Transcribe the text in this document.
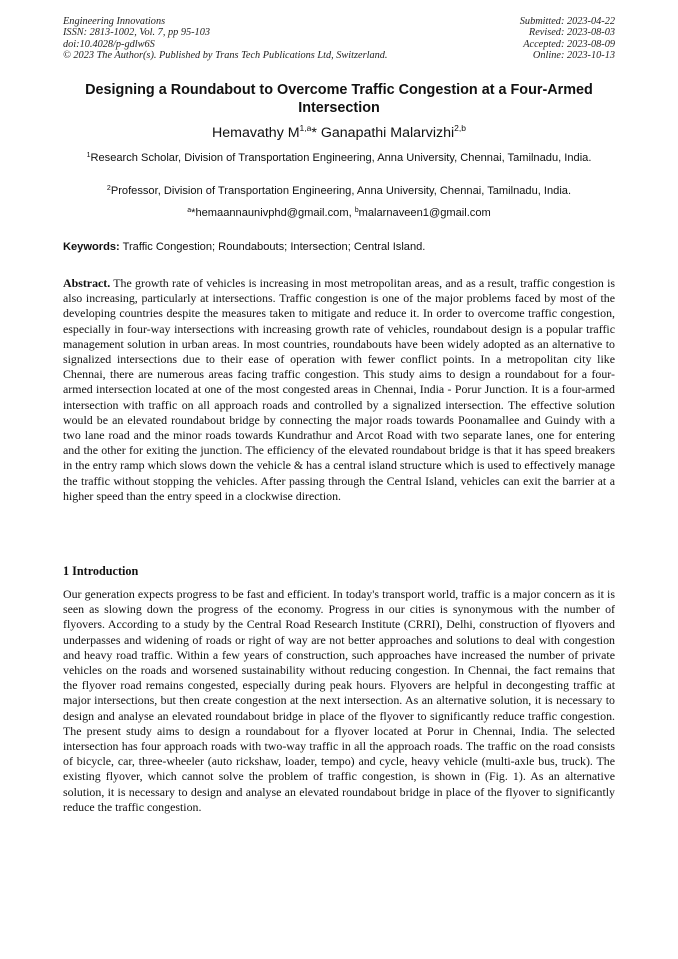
Engineering Innovations
ISSN: 2813-1002, Vol. 7, pp 95-103
doi:10.4028/p-gdlw6S
© 2023 The Author(s). Published by Trans Tech Publications Ltd, Switzerland.
Submitted: 2023-04-22
Revised: 2023-08-03
Accepted: 2023-08-09
Online: 2023-10-13
Designing a Roundabout to Overcome Traffic Congestion at a Four-Armed Intersection
Hemavathy M$^{1,a}$* Ganapathi Malarvizhi$^{2,b}$
$^1$Research Scholar, Division of Transportation Engineering, Anna University, Chennai, Tamilnadu, India.
$^2$Professor, Division of Transportation Engineering, Anna University, Chennai, Tamilnadu, India.
$^a$*hemaannaunivphd@gmail.com, $^b$malarnaveen1@gmail.com
Keywords: Traffic Congestion; Roundabouts; Intersection; Central Island.
Abstract. The growth rate of vehicles is increasing in most metropolitan areas, and as a result, traffic congestion is also increasing, particularly at intersections. Traffic congestion is one of the major problems faced by most of the developing countries despite the measures taken to mitigate and reduce it. In order to overcome traffic congestion, especially in four-way intersections with increasing growth rate of vehicles, roundabout design is a popular traffic management solution in urban areas. In most countries, roundabouts have been widely adopted as an alternative to signalized intersections due to their ease of operation with fewer conflict points. In a metropolitan city like Chennai, there are numerous areas facing traffic congestion. This study aims to design a roundabout for a four-armed intersection located at one of the most congested areas in Chennai, India - Porur Junction. It is a four-armed intersection with traffic on all approach roads and controlled by a signalized intersection. The effective solution would be an elevated roundabout bridge by connecting the major roads towards Poonamallee and Guindy with a two lane road and the minor roads towards Kundrathur and Arcot Road with two separate lanes, one for entering and the other for exiting the junction. The efficiency of the elevated roundabout bridge is that it has speed breakers in the entry ramp which slows down the vehicle & has a central island structure which is used to effectively manage the traffic without stopping the vehicles. After passing through the Central Island, vehicles can exit the barrier at a higher speed than the entry speed in a clockwise direction.
1 Introduction
Our generation expects progress to be fast and efficient. In today's transport world, traffic is a major concern as it is seen as slowing down the progress of the economy. Progress in our cities is synonymous with the number of flyovers. According to a study by the Central Road Research Institute (CRRI), Delhi, construction of flyovers and underpasses and widening of roads or right of way are not better approaches and solutions to deal with congestion and heavy road traffic. Within a few years of construction, such approaches have increased the number of private vehicles on the roads and worsened sustainability without reducing congestion. In Chennai, the fact remains that the flyover road remains congested, especially during peak hours. Flyovers are helpful in decongesting traffic at major intersections, but then create congestion at the next intersection. As an alternative solution, it is necessary to design and analyse an elevated roundabout bridge in place of the flyover to significantly reduce traffic congestion. The present study aims to design a roundabout for a flyover located at Porur in Chennai, India. The selected intersection has four approach roads with two-way traffic in all the approach roads. The traffic on the road consists of bicycle, car, three-wheeler (auto rickshaw, loader, tempo) and cycle, heavy vehicle (multi-axle bus, truck). The existing flyover, which cannot solve the problem of traffic congestion, is shown in (Fig. 1). As an alternative solution, it is necessary to design and analyse an elevated roundabout bridge in place of the flyover to significantly reduce the traffic congestion.
